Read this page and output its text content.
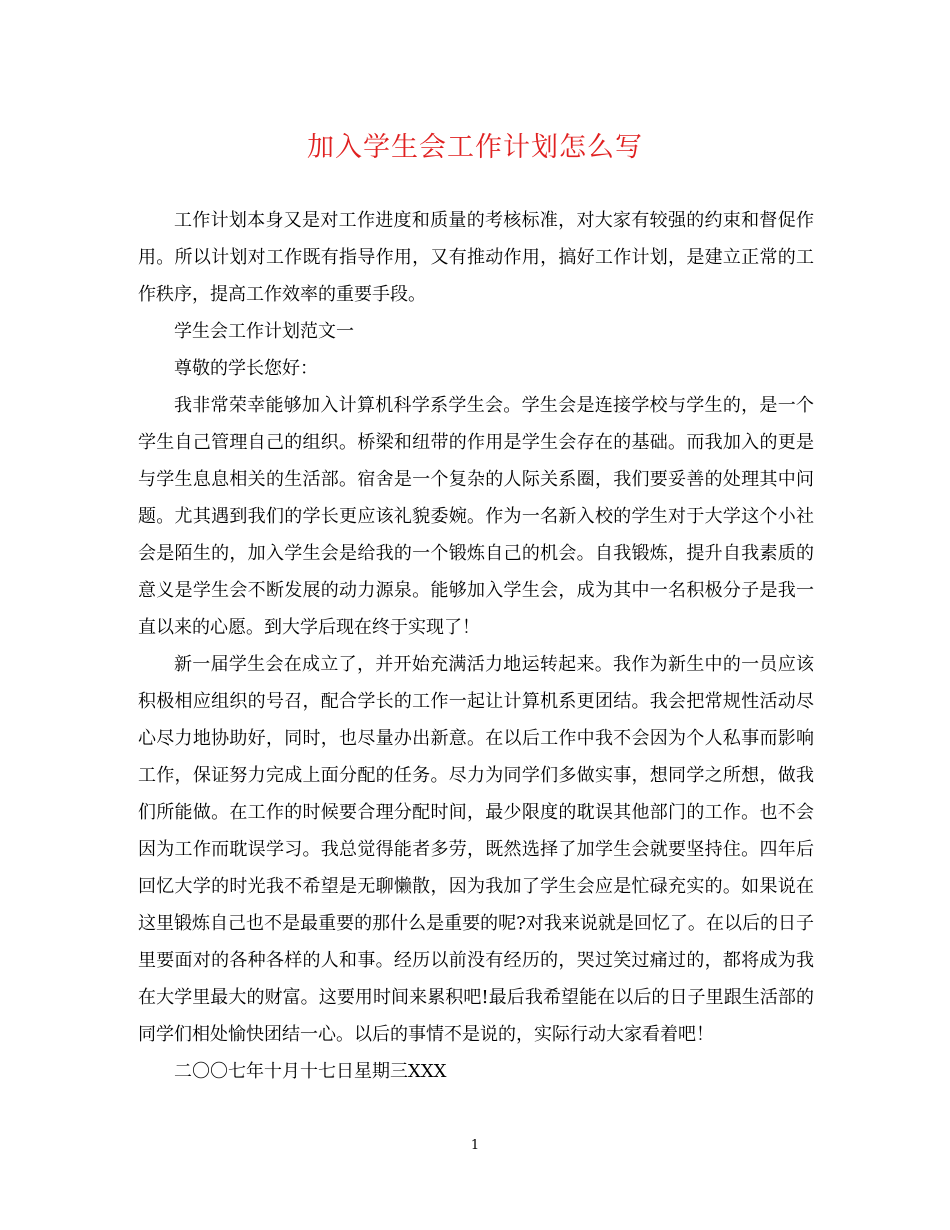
加入学生会工作计划怎么写

工作计划本身又是对工作进度和质量的考核标准，对大家有较强的约束和督促作用。所以计划对工作既有指导作用，又有推动作用，搞好工作计划，是建立正常的工作秩序，提高工作效率的重要手段。

学生会工作计划范文一

尊敬的学长您好：

我非常荣幸能够加入计算机科学系学生会。学生会是连接学校与学生的，是一个学生自己管理自己的组织。桥梁和纽带的作用是学生会存在的基础。而我加入的更是与学生息息相关的生活部。宿舍是一个复杂的人际关系圈，我们要妥善的处理其中问题。尤其遇到我们的学长更应该礼貌委婉。作为一名新入校的学生对于大学这个小社会是陌生的，加入学生会是给我的一个锻炼自己的机会。自我锻炼，提升自我素质的意义是学生会不断发展的动力源泉。能够加入学生会，成为其中一名积极分子是我一直以来的心愿。到大学后现在终于实现了！

新一届学生会在成立了，并开始充满活力地运转起来。我作为新生中的一员应该积极相应组织的号召，配合学长的工作一起让计算机系更团结。我会把常规性活动尽心尽力地协助好，同时，也尽量办出新意。在以后工作中我不会因为个人私事而影响工作，保证努力完成上面分配的任务。尽力为同学们多做实事，想同学之所想，做我们所能做。在工作的时候要合理分配时间，最少限度的耽误其他部门的工作。也不会因为工作而耽误学习。我总觉得能者多劳，既然选择了加学生会就要坚持住。四年后回忆大学的时光我不希望是无聊懒散，因为我加了学生会应是忙碌充实的。如果说在这里锻炼自己也不是最重要的那什么是重要的呢?对我来说就是回忆了。在以后的日子里要面对的各种各样的人和事。经历以前没有经历的，哭过笑过痛过的，都将成为我在大学里最大的财富。这要用时间来累积吧!最后我希望能在以后的日子里跟生活部的同学们相处愉快团结一心。以后的事情不是说的，实际行动大家看着吧！

二〇〇七年十月十七日星期三XXX

1
